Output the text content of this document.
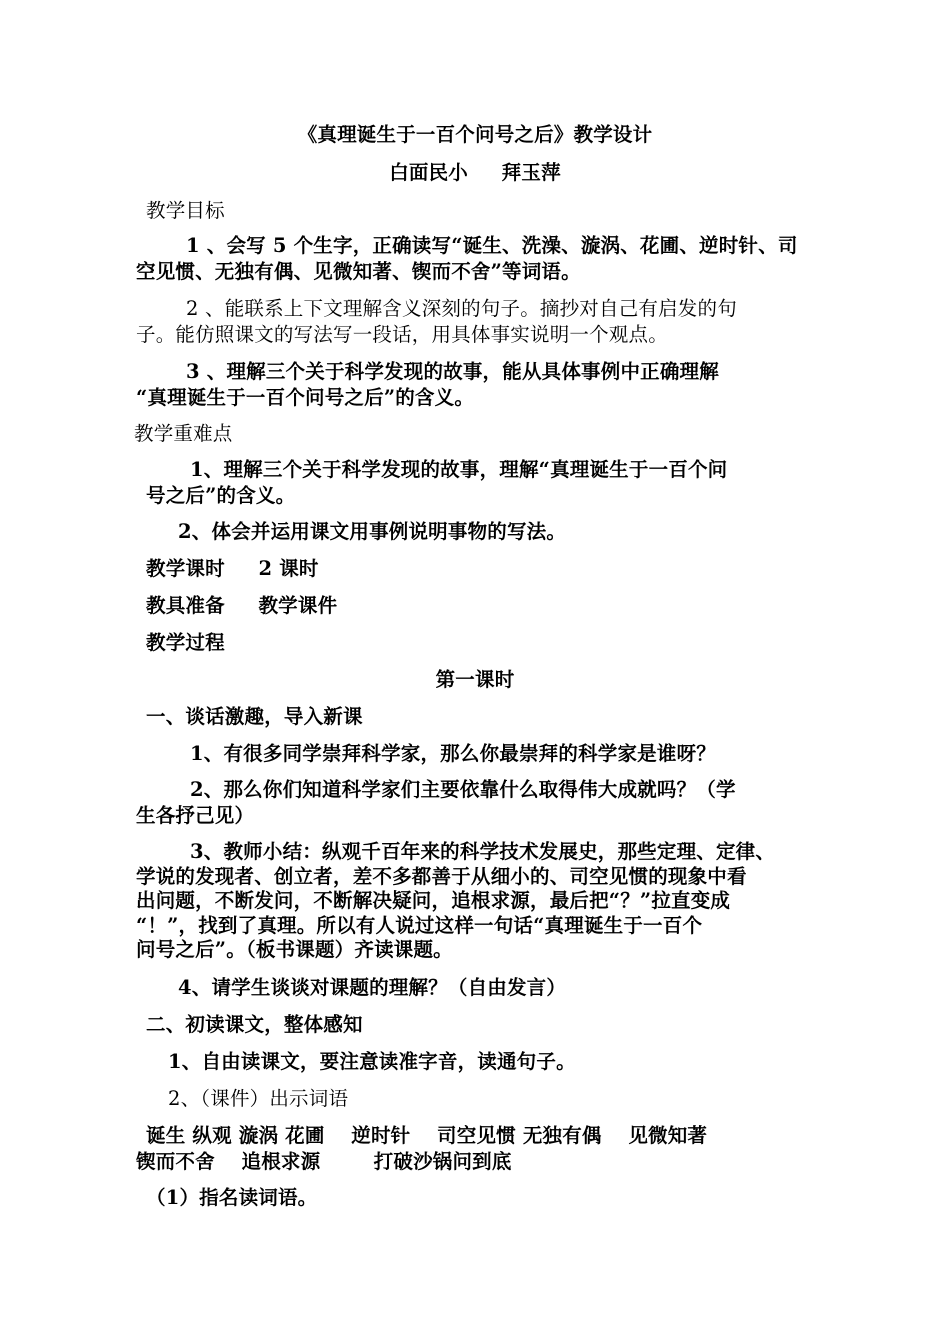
《真理诞生于一百个问号之后》教学设计
白面民小 　 拜玉萍
教学目标
1 、会写 5 个生字，正确读写“诞生、洗澡、漩涡、花圃、逆时针、司
空见惯、无独有偶、见微知著、锲而不舍”等词语。
2 、能联系上下文理解含义深刻的句子。摘抄对自己有启发的句
子。能仿照课文的写法写一段话，用具体事实说明一个观点。
3 、理解三个关于科学发现的故事，能从具体事例中正确理解
“真理诞生于一百个问号之后”的含义。
教学重难点
1、理解三个关于科学发现的故事，理解“真理诞生于一百个问
号之后”的含义。
2、体会并运用课文用事例说明事物的写法。
教学课时 　 2 课时
教具准备 　 教学课件
教学过程
第一课时
一、谈话激趣，导入新课
1、有很多同学崇拜科学家，那么你最崇拜的科学家是谁呀？
2、那么你们知道科学家们主要依靠什么取得伟大成就吗？（学
生各抒己见）
3、教师小结：纵观千百年来的科学技术发展史，那些定理、定律、
学说的发现者、创立者，差不多都善于从细小的、司空见惯的现象中看
出问题，不断发问，不断解决疑问，追根求源，最后把“？”拉直变成
“！”，找到了真理。所以有人说过这样一句话“真理诞生于一百个
问号之后”。（板书课题）齐读课题。
4、请学生谈谈对课题的理解？（自由发言）
二、初读课文，整体感知
1、自由读课文，要注意读准字音，读通句子。
2、（课件）出示词语
诞生 纵观 漩涡 花圃 　逆时针 　司空见惯 无独有偶 　见微知著
锲而不舍 　追根求源 　 　打破沙锅问到底
（1）指名读词语。
